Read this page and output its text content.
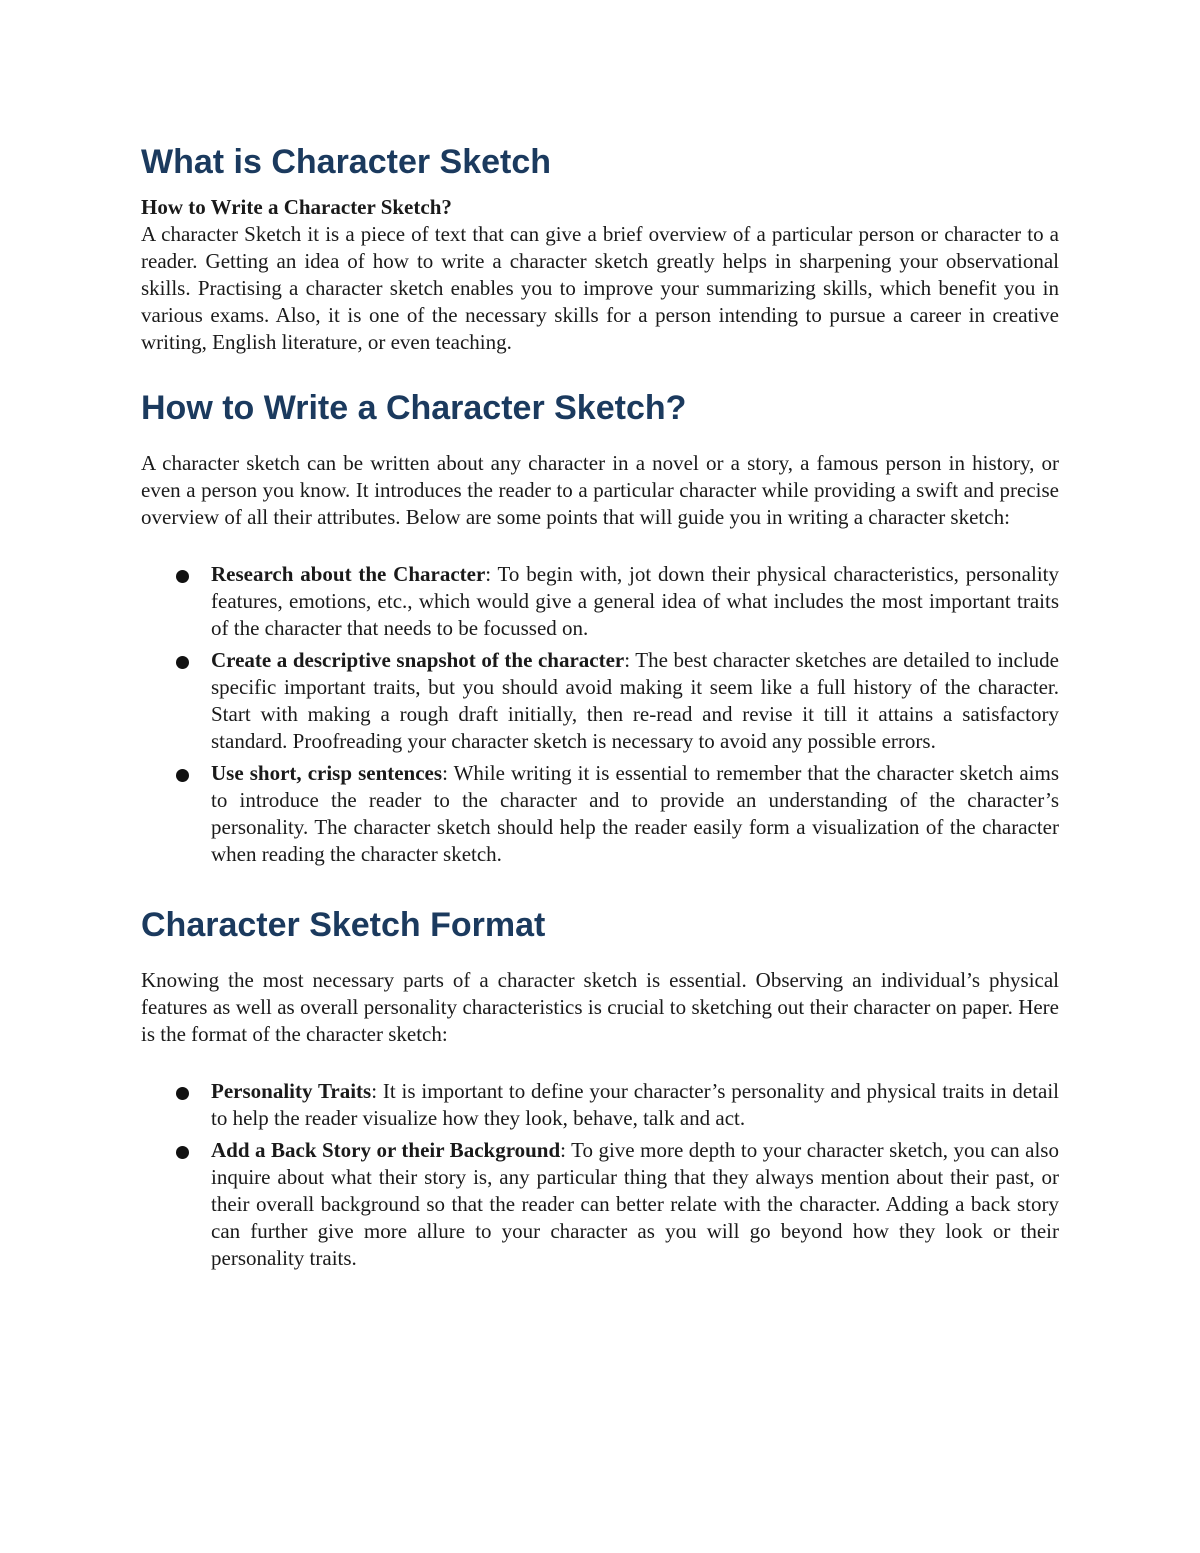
What is Character Sketch
How to Write a Character Sketch?

A character Sketch it is a piece of text that can give a brief overview of a particular person or character to a reader. Getting an idea of how to write a character sketch greatly helps in sharpening your observational skills. Practising a character sketch enables you to improve your summarizing skills, which benefit you in various exams. Also, it is one of the necessary skills for a person intending to pursue a career in creative writing, English literature, or even teaching.

How to Write a Character Sketch?

A character sketch can be written about any character in a novel or a story, a famous person in history, or even a person you know. It introduces the reader to a particular character while providing a swift and precise overview of all their attributes. Below are some points that will guide you in writing a character sketch:

Research about the Character: To begin with, jot down their physical characteristics, personality features, emotions, etc., which would give a general idea of what includes the most important traits of the character that needs to be focussed on.
Create a descriptive snapshot of the character: The best character sketches are detailed to include specific important traits, but you should avoid making it seem like a full history of the character. Start with making a rough draft initially, then re-read and revise it till it attains a satisfactory standard. Proofreading your character sketch is necessary to avoid any possible errors.
Use short, crisp sentences: While writing it is essential to remember that the character sketch aims to introduce the reader to the character and to provide an understanding of the character’s personality. The character sketch should help the reader easily form a visualization of the character when reading the character sketch.
Character Sketch Format

Knowing the most necessary parts of a character sketch is essential. Observing an individual’s physical features as well as overall personality characteristics is crucial to sketching out their character on paper. Here is the format of the character sketch:

Personality Traits: It is important to define your character’s personality and physical traits in detail to help the reader visualize how they look, behave, talk and act.
Add a Back Story or their Background: To give more depth to your character sketch, you can also inquire about what their story is, any particular thing that they always mention about their past, or their overall background so that the reader can better relate with the character. Adding a back story can further give more allure to your character as you will go beyond how they look or their personality traits.
